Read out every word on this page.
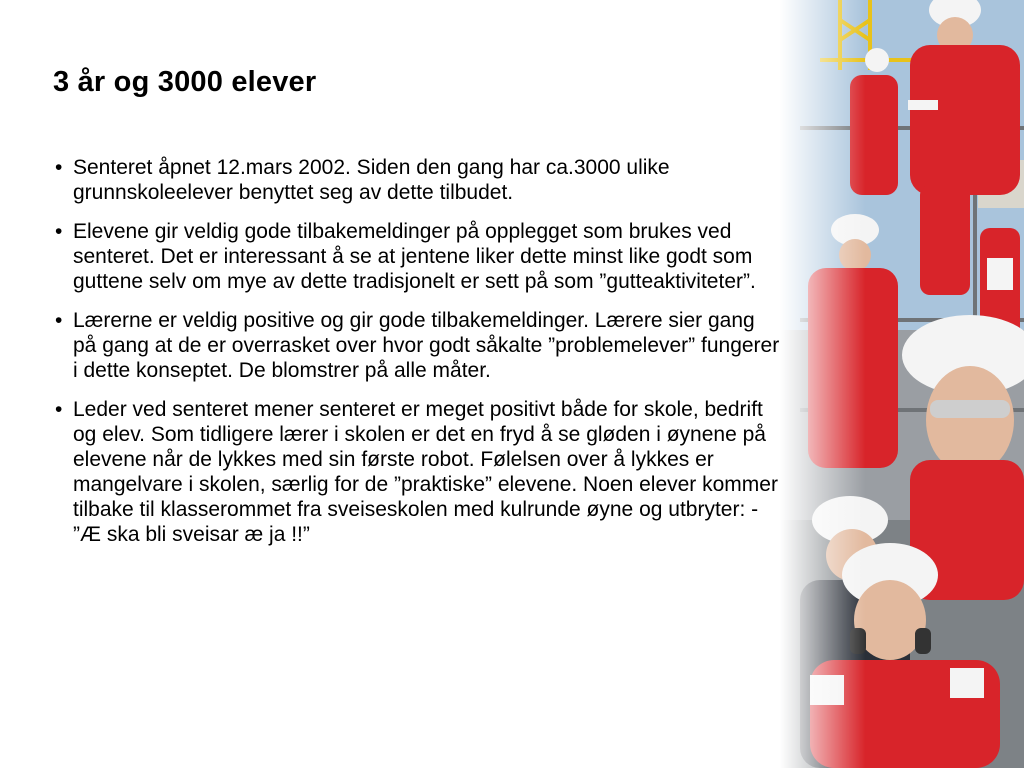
3 år og 3000 elever
• Senteret åpnet 12.mars 2002. Siden den gang har ca.3000 ulike grunnskoleelever benyttet seg av dette tilbudet.
• Elevene gir veldig gode tilbakemeldinger på opplegget som brukes ved senteret. Det er interessant å se at jentene liker dette minst like godt som guttene selv om mye av dette tradisjonelt er sett på som ”gutteaktiviteter”.
• Lærerne er veldig positive og gir gode tilbakemeldinger. Lærere sier gang på gang at de er overrasket over hvor godt såkalte ”problemelever” fungerer i dette konseptet. De blomstrer på alle måter.
• Leder ved senteret mener senteret er meget positivt både for skole, bedrift og elev. Som tidligere lærer i skolen er det en fryd å se gløden i øynene på elevene når de lykkes med sin første robot. Følelsen over å lykkes er mangelvare i skolen, særlig for de ”praktiske” elevene. Noen elever kommer tilbake til klasserommet fra sveiseskolen med kulrunde øyne og utbryter: - ”Æ ska bli sveisar æ ja !!”
